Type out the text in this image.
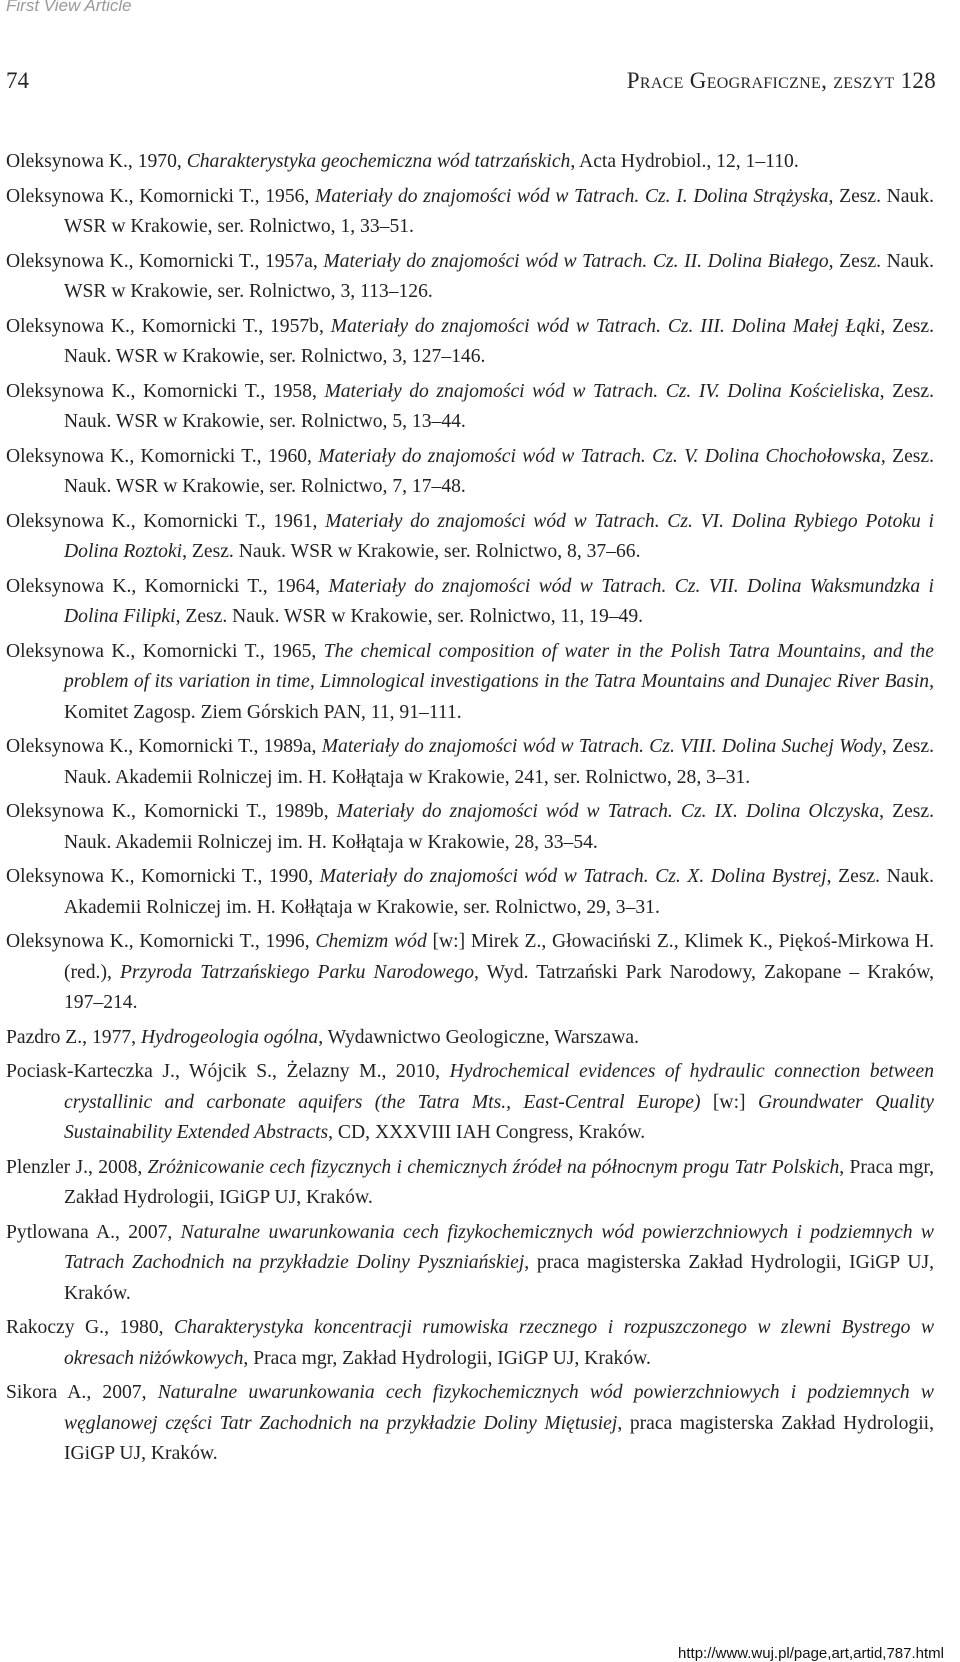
First View Article
74	Prace Geograficzne, zeszyt 128
Oleksynowa K., 1970, Charakterystyka geochemiczna wód tatrzańskich, Acta Hydrobiol., 12, 1–110.
Oleksynowa K., Komornicki T., 1956, Materiały do znajomości wód w Tatrach. Cz. I. Dolina Strążyska, Zesz. Nauk. WSR w Krakowie, ser. Rolnictwo, 1, 33–51.
Oleksynowa K., Komornicki T., 1957a, Materiały do znajomości wód w Tatrach. Cz. II. Dolina Białego, Zesz. Nauk. WSR w Krakowie, ser. Rolnictwo, 3, 113–126.
Oleksynowa K., Komornicki T., 1957b, Materiały do znajomości wód w Tatrach. Cz. III. Dolina Małej Łąki, Zesz. Nauk. WSR w Krakowie, ser. Rolnictwo, 3, 127–146.
Oleksynowa K., Komornicki T., 1958, Materiały do znajomości wód w Tatrach. Cz. IV. Dolina Kościeliska, Zesz. Nauk. WSR w Krakowie, ser. Rolnictwo, 5, 13–44.
Oleksynowa K., Komornicki T., 1960, Materiały do znajomości wód w Tatrach. Cz. V. Dolina Chochołowska, Zesz. Nauk. WSR w Krakowie, ser. Rolnictwo, 7, 17–48.
Oleksynowa K., Komornicki T., 1961, Materiały do znajomości wód w Tatrach. Cz. VI. Dolina Rybiego Potoku i Dolina Roztoki, Zesz. Nauk. WSR w Krakowie, ser. Rolnictwo, 8, 37–66.
Oleksynowa K., Komornicki T., 1964, Materiały do znajomości wód w Tatrach. Cz. VII. Dolina Waksmundzka i Dolina Filipki, Zesz. Nauk. WSR w Krakowie, ser. Rolnictwo, 11, 19–49.
Oleksynowa K., Komornicki T., 1965, The chemical composition of water in the Polish Tatra Mountains, and the problem of its variation in time, Limnological investigations in the Tatra Mountains and Dunajec River Basin, Komitet Zagosp. Ziem Górskich PAN, 11, 91–111.
Oleksynowa K., Komornicki T., 1989a, Materiały do znajomości wód w Tatrach. Cz. VIII. Dolina Suchej Wody, Zesz. Nauk. Akademii Rolniczej im. H. Kołłątaja w Krakowie, 241, ser. Rolnictwo, 28, 3–31.
Oleksynowa K., Komornicki T., 1989b, Materiały do znajomości wód w Tatrach. Cz. IX. Dolina Olczyska, Zesz. Nauk. Akademii Rolniczej im. H. Kołłątaja w Krakowie, 28, 33–54.
Oleksynowa K., Komornicki T., 1990, Materiały do znajomości wód w Tatrach. Cz. X. Dolina Bystrej, Zesz. Nauk. Akademii Rolniczej im. H. Kołłątaja w Krakowie, ser. Rolnictwo, 29, 3–31.
Oleksynowa K., Komornicki T., 1996, Chemizm wód [w:] Mirek Z., Głowaciński Z., Klimek K., Piękoś-Mirkowa H. (red.), Przyroda Tatrzańskiego Parku Narodowego, Wyd. Tatrzański Park Narodowy, Zakopane – Kraków, 197–214.
Pazdro Z., 1977, Hydrogeologia ogólna, Wydawnictwo Geologiczne, Warszawa.
Pociask-Karteczka J., Wójcik S., Żelazny M., 2010, Hydrochemical evidences of hydraulic connection between crystallinic and carbonate aquifers (the Tatra Mts., East-Central Europe) [w:] Groundwater Quality Sustainability Extended Abstracts, CD, XXXVIII IAH Congress, Kraków.
Plenzler J., 2008, Zróżnicowanie cech fizycznych i chemicznych źródeł na północnym progu Tatr Polskich, Praca mgr, Zakład Hydrologii, IGiGP UJ, Kraków.
Pytlowana A., 2007, Naturalne uwarunkowania cech fizykochemicznych wód powierzchniowych i podziemnych w Tatrach Zachodnich na przykładzie Doliny Pyszniańskiej, praca magisterska Zakład Hydrologii, IGiGP UJ, Kraków.
Rakoczy G., 1980, Charakterystyka koncentracji rumowiska rzecznego i rozpuszczonego w zlewni Bystrego w okresach niżówkowych, Praca mgr, Zakład Hydrologii, IGiGP UJ, Kraków.
Sikora A., 2007, Naturalne uwarunkowania cech fizykochemicznych wód powierzchniowych i podziemnych w węglanowej części Tatr Zachodnich na przykładzie Doliny Miętusiej, praca magisterska Zakład Hydrologii, IGiGP UJ, Kraków.
http://www.wuj.pl/page,art,artid,787.html
